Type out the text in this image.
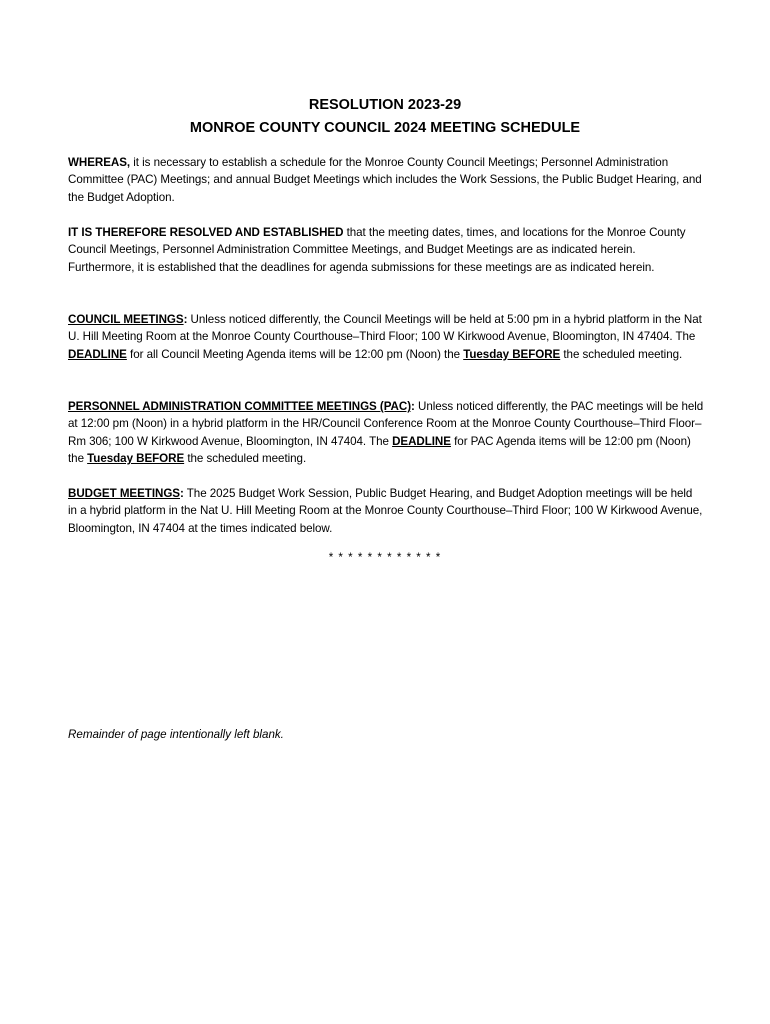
RESOLUTION 2023-29
MONROE COUNTY COUNCIL 2024 MEETING SCHEDULE
WHEREAS, it is necessary to establish a schedule for the Monroe County Council Meetings; Personnel Administration Committee (PAC) Meetings; and annual Budget Meetings which includes the Work Sessions, the Public Budget Hearing, and the Budget Adoption.
IT IS THEREFORE RESOLVED AND ESTABLISHED that the meeting dates, times, and locations for the Monroe County Council Meetings, Personnel Administration Committee Meetings, and Budget Meetings are as indicated herein. Furthermore, it is established that the deadlines for agenda submissions for these meetings are as indicated herein.
COUNCIL MEETINGS: Unless noticed differently, the Council Meetings will be held at 5:00 pm in a hybrid platform in the Nat U. Hill Meeting Room at the Monroe County Courthouse–Third Floor; 100 W Kirkwood Avenue, Bloomington, IN 47404. The DEADLINE for all Council Meeting Agenda items will be 12:00 pm (Noon) the Tuesday BEFORE the scheduled meeting.
PERSONNEL ADMINISTRATION COMMITTEE MEETINGS (PAC): Unless noticed differently, the PAC meetings will be held at 12:00 pm (Noon) in a hybrid platform in the HR/Council Conference Room at the Monroe County Courthouse–Third Floor–Rm 306; 100 W Kirkwood Avenue, Bloomington, IN 47404. The DEADLINE for PAC Agenda items will be 12:00 pm (Noon) the Tuesday BEFORE the scheduled meeting.
BUDGET MEETINGS: The 2025 Budget Work Session, Public Budget Hearing, and Budget Adoption meetings will be held in a hybrid platform in the Nat U. Hill Meeting Room at the Monroe County Courthouse–Third Floor; 100 W Kirkwood Avenue, Bloomington, IN 47404 at the times indicated below.
* * * * * * * * * * * *
Remainder of page intentionally left blank.
